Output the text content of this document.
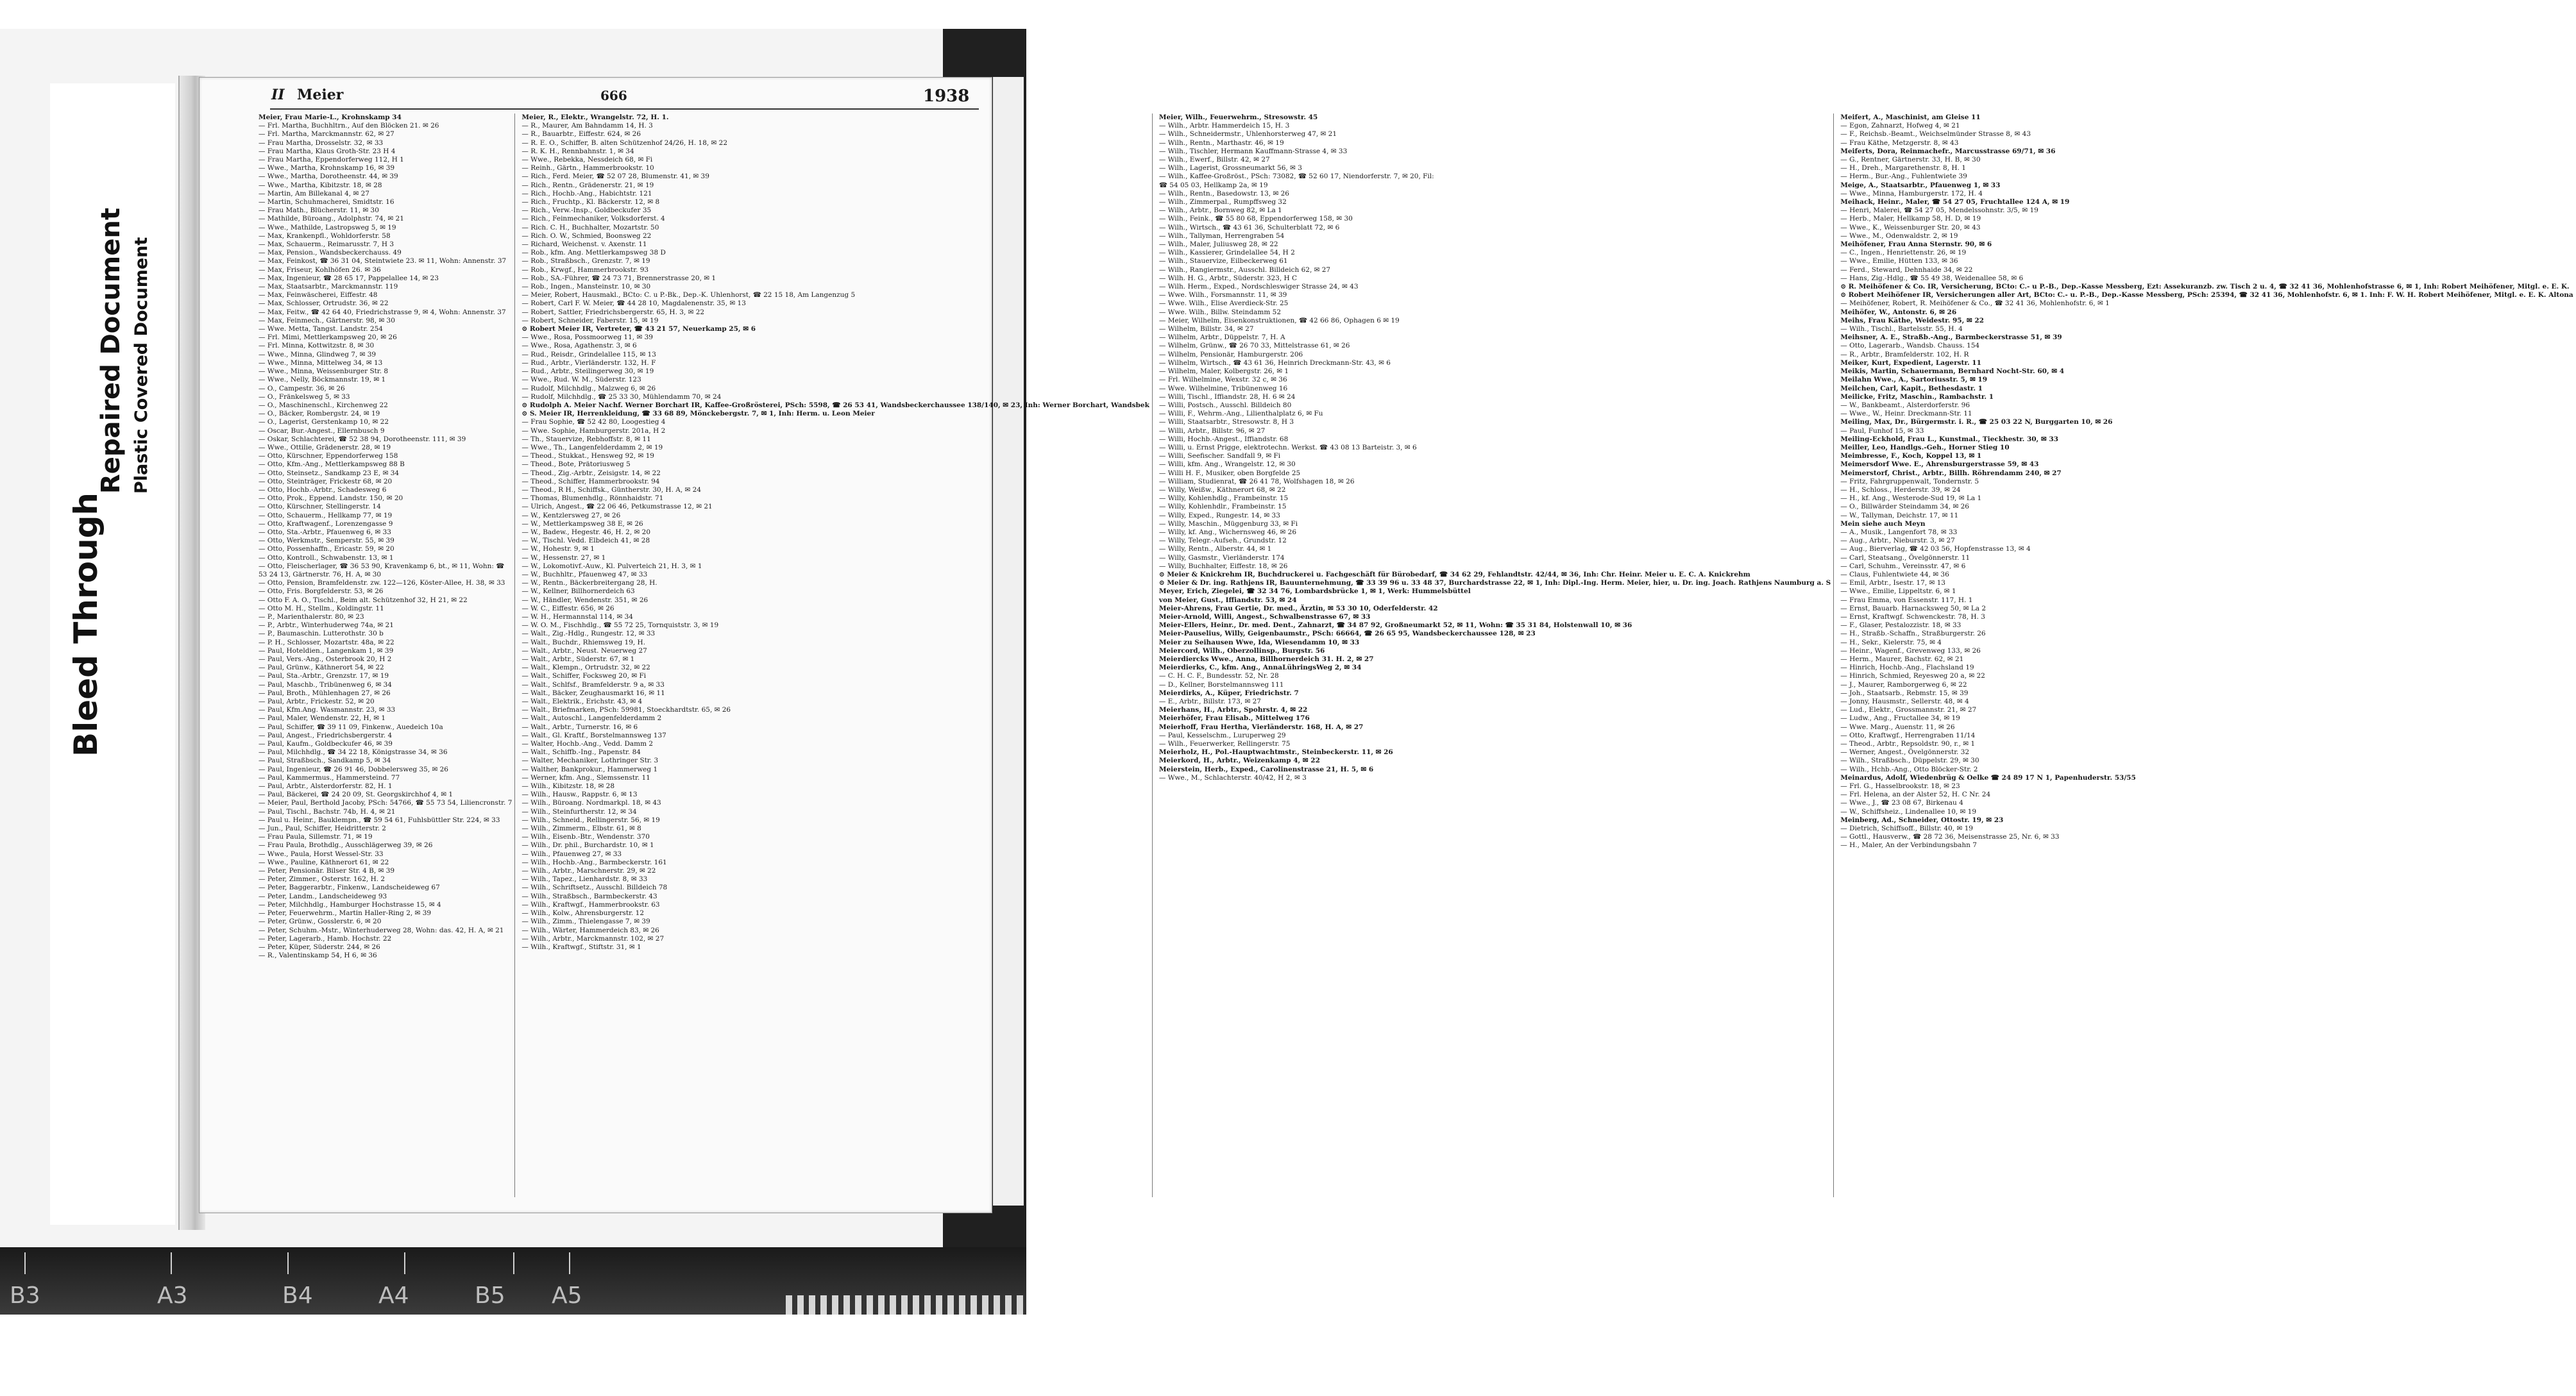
Bleed Through
Repaired Document Plastic Covered Document
II Meier	666	1938
Meier, Frau Marie-L., Krohnskamp 34
— Frl. Martha, Buchhltrn., Auf den Blöcken 21. ✉ 26
— Frl. Martha, Marckmannstr. 62, ✉ 27
— Frau Martha, Drosselstr. 32, ✉ 33
— Frau Martha, Klaus Groth-Str. 23 H 4
— Frau Martha, Eppendorferweg 112, H 1
— Wwe., Martha, Krohnskamp 16, ✉ 39
— Wwe., Martha, Dorotheenstr. 44, ✉ 39
— Wwe., Martha, Kibitzstr. 18, ✉ 28
— Martin, Am Billekanal 4, ✉ 27
— Martin, Schuhmacherei, Smidtstr. 16
— Frau Math., Blücherstr. 11, ✉ 30
— Mathilde, Büroang., Adolphstr. 74, ✉ 21
— Wwe., Mathilde, Lastropsweg 5, ✉ 19
— Max, Krankenpfl., Wohldorferstr. 58
— Max, Schauerm., Reimarusstr. 7, H 3
— Max, Pension., Wandsbeckerchauss. 49
— Max, Feinkost, ☎ 36 31 04, Steintwiete 23. ✉ 11, Wohn: Annenstr. 37
— Max, Friseur, Kohlhöfen 26. ✉ 36
— Max, Ingenieur, ☎ 28 65 17, Pappelallee 14, ✉ 23
— Max, Staatsarbtr., Marckmannstr. 119
— Max, Feinwäscherei, Eiffestr. 48
— Max, Schlosser, Ortrudstr. 36, ✉ 22
— Max, Feitw., ☎ 42 64 40, Friedrichstrasse 9, ✉ 4, Wohn: Annenstr. 37
— Max, Feinmech., Gärtnerstr. 98, ✉ 30
— Wwe. Metta, Tangst. Landstr. 254
— Frl. Mimi, Mettlerkampsweg 20, ✉ 26
— Frl. Minna, Kottwitzstr. 8, ✉ 30
— Wwe., Minna, Glindweg 7, ✉ 39
— Wwe., Minna, Mittelweg 34, ✉ 13
— Wwe., Minna, Weissenburger Str. 8
— Wwe., Nelly, Böckmannstr. 19, ✉ 1
— O., Campestr. 36, ✉ 26
— O., Fränkelsweg 5, ✉ 33
— O., Maschinenschl., Kirchenweg 22
— O., Bäcker, Rombergstr. 24, ✉ 19
— O., Lagerist, Gerstenkamp 10, ✉ 22
— Oscar, Bur.-Angest., Ellernbusch 9
— Oskar, Schlachterei, ☎ 52 38 94, Dorotheenstr. 111, ✉ 39
— Wwe., Ottilie, Grädenerstr. 28, ✉ 19
— Otto, Kürschner, Eppendorferweg 158
— Otto, Kfm.-Ang., Mettlerkampsweg 88 B
— Otto, Steinsetz., Sandkamp 23 E, ✉ 34
— Otto, Steinträger, Frickestr 68, ✉ 20
— Otto, Hochb.-Arbtr., Schadesweg 6
— Otto, Prok., Eppend. Landstr. 150, ✉ 20
— Otto, Kürschner, Stellingerstr. 14
— Otto, Schauerm., Hellkamp 77, ✉ 19
— Otto, Kraftwagenf., Lorenzengasse 9
— Otto, Sta.-Arbtr., Pfauenweg 6, ✉ 33
— Otto, Werkmstr., Semperstr. 55, ✉ 39
— Otto, Possenhaffn., Ericastr. 59, ✉ 20
— Otto, Kontroll., Schwabenstr. 13, ✉ 1
— Otto, Fleischerlager, ☎ 36 53 90, Kravenkamp 6, bt., ✉ 11, Wohn: ☎
53 24 13, Gärtnerstr. 76, H. A, ✉ 30
— Otto, Pension, Bramfeldenstr. zw. 122—126, Köster-Allee, H. 38, ✉ 33
— Otto, Fris. Borgfelderstr. 53, ✉ 26
— Otto F. A. O., Tischl., Beim alt. Schützenhof 32, H 21, ✉ 22
— Otto M. H., Stellm., Koldingstr. 11
— P., Marienthalerstr. 80, ✉ 23
— P., Arbtr., Winterhuderweg 74a, ✉ 21
— P., Baumaschin. Lutterothstr. 30 b
— P. H., Schlosser, Mozartstr. 48a, ✉ 22
— Paul, Hoteldien., Langenkam 1, ✉ 39
— Paul, Vers.-Ang., Osterbrook 20, H 2
— Paul, Grünw., Käthnerort 54, ✉ 22
— Paul, Sta.-Arbtr., Grenzstr. 17, ✉ 19
— Paul, Maschb., Tribünenweg 6, ✉ 34
— Paul, Broth., Mühlenhagen 27, ✉ 26
— Paul, Arbtr., Frickestr. 52, ✉ 20
— Paul, Kfm.Ang. Wasmannstr. 23, ✉ 33
— Paul, Maler, Wendenstr. 22, H, ✉ 1
— Paul, Schiffer, ☎ 39 11 09, Finkenw., Auedeich 10a
— Paul, Angest., Friedrichsbergerstr. 4
— Paul, Kaufm., Goldbeckufer 46, ✉ 39
— Paul, Milchhdlg., ☎ 34 22 18, Königstrasse 34, ✉ 36
— Paul, Straßbsch., Sandkamp 5, ✉ 34
— Paul, Ingenieur, ☎ 26 91 46, Dobbelersweg 35, ✉ 26
— Paul, Kammermus., Hammersteind. 77
— Paul, Arbtr., Alsterdorferstr. 82, H. 1
— Paul, Bäckerei, ☎ 24 20 09, St. Georgskirchhof 4, ✉ 1
— Meier, Paul, Berthold Jacoby, PSch: 54766, ☎ 55 73 54, Liliencronstr. 7
— Paul, Tischl., Bachstr. 74b, H. 4, ✉ 21
— Paul u. Heinr., Bauklempn., ☎ 59 54 61, Fuhlsbüttler Str. 224, ✉ 33
— Jun., Paul, Schiffer, Heidritterstr. 2
— Frau Paula, Sillemstr. 71, ✉ 19
— Frau Paula, Brothdlg., Ausschlägerweg 39, ✉ 26
— Wwe., Paula, Horst Wessel-Str. 33
— Wwe., Pauline, Käthnerort 61, ✉ 22
— Peter, Pensionär. Bilser Str. 4 B, ✉ 39
— Peter, Zimmer., Osterstr. 162, H. 2
— Peter, Baggerarbtr., Finkenw., Landscheideweg 67
— Peter, Landm., Landscheideweg 93
— Peter, Milchhdlg., Hamburger Hochstrasse 15, ✉ 4
— Peter, Feuerwehrm., Martin Haller-Ring 2, ✉ 39
— Peter, Grünw., Gosslerstr. 6, ✉ 20
— Peter, Schuhm.-Mstr., Winterhuderweg 28, Wohn: das. 42, H. A, ✉ 21
— Peter, Lagerarb., Hamb. Hochstr. 22
— Peter, Küper, Süderstr. 244, ✉ 26
— R., Valentinskamp 54, H 6, ✉ 36
Meier, R., Elektr., Wrangelstr. 72, H. 1.
— R., Maurer, Am Bahndamm 14, H. 3
— R., Bauarbtr., Eiffestr. 624, ✉ 26
— R. E. O., Schiffer, B. alten Schützenhof 24/26, H. 18, ✉ 22
— R. K. H., Rennbahnstr. 1, ✉ 34
— Wwe., Rebekka, Nessdeich 68, ✉ Fi
— Reinh., Gärtn., Hammerbrookstr. 10
— Rich., Ferd. Meier, ☎ 52 07 28, Blumenstr. 41, ✉ 39
— Rich., Rentn., Grädenerstr. 21, ✉ 19
— Rich., Hochb.-Ang., Habichtstr. 121
— Rich., Fruchtp., Kl. Bäckerstr. 12, ✉ 8
— Rich., Verw.-Insp., Goldbeckufer 35
— Rich., Feinmechaniker, Volksdorferst. 4
— Rich. C. H., Buchhalter, Mozartstr. 50
— Rich. O. W., Schmied, Boonsweg 22
— Richard, Weichenst. v. Axenstr. 11
— Rob., kfm. Ang. Mettlerkampsweg 38 D
— Rob., Straßbsch., Grenzstr. 7, ✉ 19
— Rob., Krwgf., Hammerbrookstr. 93
— Rob., SA.-Führer, ☎ 24 73 71, Brennerstrasse 20, ✉ 1
— Rob., Ingen., Mansteinstr. 10, ✉ 30
— Meier, Robert, Hausmakl., BCto: C. u P.-Bk., Dep.-K. Uhlenhorst, ☎ 22 15 18, Am Langenzug 5
— Robert, Carl F. W. Meier, ☎ 44 28 10, Magdalenenstr. 35, ✉ 13
— Robert, Sattler, Friedrichsbergerstr. 65, H. 3, ✉ 22
— Robert, Schneider, Faberstr. 15, ✉ 19
⊙ Robert Meier IR, Vertreter, ☎ 43 21 57, Neuerkamp 25, ✉ 6
— Wwe., Rosa, Possmoorweg 11, ✉ 39
— Wwe., Rosa, Agathenstr. 3, ✉ 6
— Rud., Reisdr., Grindelallee 115, ✉ 13
— Rud., Arbtr., Vierländerstr. 132, H. F
— Rud., Arbtr., Steilingerweg 30, ✉ 19
— Wwe., Rud. W. M., Süderstr. 123
— Rudolf, Milchhdlg., Malzweg 6, ✉ 26
— Rudolf, Milchhdlg., ☎ 25 33 30, Mühlendamm 70, ✉ 24
⊙ Rudolph A. Meier Nachf. Werner Borchart IR, Kaffee-Großrösterei, PSch: 5598, ☎ 26 53 41, Wandsbeckerchaussee 138/140, ✉ 23, Inh: Werner Borchart, Wandsbek
⊙ S. Meier IR, Herrenkleidung, ☎ 33 68 89, Mönckebergstr. 7, ✉ 1, Inh: Herm. u. Leon Meier
— Frau Sophie, ☎ 52 42 80, Loogestieg 4
— Wwe. Sophie, Hamburgerstr. 201a, H 2
— Th., Stauervize, Rebhoffstr. 8, ✉ 11
— Wwe., Th., Langenfelderdamm 2, ✉ 19
— Theod., Stukkat., Hensweg 92, ✉ 19
— Theod., Bote, Prätoriusweg 5
— Theod., Zig.-Arbtr., Zeisigstr. 14, ✉ 22
— Theod., Schiffer, Hammerbrookstr. 94
— Theod., R H., Schiffsk., Güntherstr. 30, H. A, ✉ 24
— Thomas, Blumenhdlg., Rönnhaidstr. 71
— Ulrich, Angest., ☎ 22 06 46, Petkumstrasse 12, ✉ 21
— W., Kentzlersweg 27, ✉ 26
— W., Mettlerkampsweg 38 E, ✉ 26
— W., Badew., Hegestr. 46, H. 2, ✉ 20
— W., Tischl. Vedd. Elbdeich 41, ✉ 28
— W., Hohestr. 9, ✉ 1
— W., Hessenstr. 27, ✉ 1
— W., Lokomotivf.-Auw., Kl. Pulverteich 21, H. 3, ✉ 1
— W., Buchhltr., Pfauenweg 47, ✉ 33
— W., Rentn., Bäckerbreitergang 28, H.
— W., Kellner, Billhornerdeich 63
— W., Händler, Wendenstr. 351, ✉ 26
— W. C., Eiffestr. 656, ✉ 26
— W. H., Hermannstal 114, ✉ 34
— W. O. M., Fischhdlg., ☎ 55 72 25, Tornquiststr. 3, ✉ 19
— Walt., Zig.-Hdlg., Rungestr. 12, ✉ 33
— Walt., Buchdr., Rhiemsweg 19, H.
— Walt., Arbtr., Neust. Neuerweg 27
— Walt., Arbtr., Süderstr. 67, ✉ 1
— Walt., Klempn., Ortrudstr. 32, ✉ 22
— Walt., Schiffer, Focksweg 20, ✉ Fi
— Walt., Schlfsf., Bramfelderstr. 9 a, ✉ 33
— Walt., Bäcker, Zeughausmarkt 16, ✉ 11
— Walt., Elektrik., Erichstr. 43, ✉ 4
— Walt., Briefmarken, PSch: 59981, Stoeckhardtstr. 65, ✉ 26
— Walt., Autoschl., Langenfelderdamm 2
— Walt., Arbtr., Turnerstr. 16, ✉ 6
— Walt., Gl. Kraftf., Borstelmannsweg 137
— Walter, Hochb.-Ang., Vedd. Damm 2
— Walt., Schiffb.-Ing., Papenstr. 84
— Walter, Mechaniker, Lothringer Str. 3
— Walther, Bankprokur., Hammerweg 1
— Werner, kfm. Ang., Slemssenstr. 11
— Wilh., Kibitzstr. 18, ✉ 28
— Wilh., Hausw., Rappstr. 6, ✉ 13
— Wilh., Büroang. Nordmarkpl. 18, ✉ 43
— Wilh., Steinfurtherstr. 12, ✉ 34
— Wilh., Schneid., Rellingerstr. 56, ✉ 19
— Wilh., Zimmerm., Elbstr. 61, ✉ 8
— Wilh., Eisenb.-Btr., Wendenstr. 370
— Wilh., Dr. phil., Burchardstr. 10, ✉ 1
— Wilh., Pfauenweg 27, ✉ 33
— Wilh., Hochb.-Ang., Barmbeckerstr. 161
— Wilh., Arbtr., Marschnerstr. 29, ✉ 22
— Wilh., Tapez., Lienhardstr. 8, ✉ 33
— Wilh., Schriftsetz., Ausschl. Billdeich 78
— Wilh., Straßbsch., Barmbeckerstr. 43
— Wilh., Kraftwgf., Hammerbrookstr. 63
— Wilh., Kolw., Ahrensburgerstr. 12
— Wilh., Zimm., Thielengasse 7, ✉ 39
— Wilh., Wärter, Hammerdeich 83, ✉ 26
— Wilh., Arbtr., Marckmannstr. 102, ✉ 27
— Wilh., Kraftwgf., Stiftstr. 31, ✉ 1
Meier, Wilh., Feuerwehrm., Stresowstr. 45
— Wilh., Arbtr. Hammerdeich 15, H. 3
— Wilh., Schneidermstr., Uhlenhorsterweg 47, ✉ 21
— Wilh., Rentn., Marthastr. 46, ✉ 19
— Wilh., Tischler, Hermann Kauffmann-Strasse 4, ✉ 33
— Wilh., Ewerf., Billstr. 42, ✉ 27
— Wilh., Lagerist, Grossneumarkt 56, ✉ 3
— Wilh., Kaffee-Großröst., PSch: 73082, ☎ 52 60 17, Niendorferstr. 7, ✉ 20, Fil:
☎ 54 05 03, Hellkamp 2a, ✉ 19
— Wilh., Rentn., Basedowstr. 13, ✉ 26
— Wilh., Zimmerpal., Rumpffsweg 32
— Wilh., Arbtr., Bornweg 82, ✉ La 1
— Wilh., Feink., ☎ 55 80 68, Eppendorferweg 158, ✉ 30
— Wilh., Wirtsch., ☎ 43 61 36, Schulterblatt 72, ✉ 6
— Wilh., Tallyman, Herrengraben 54
— Wilh., Maler, Juliusweg 28, ✉ 22
— Wilh., Kassierer, Grindelallee 54, H 2
— Wilh., Stauervize, Eilbeckerweg 61
— Wilh., Rangiermstr., Ausschl. Billdeich 62, ✉ 27
— Wilh. H. G., Arbtr., Süderstr. 323, H C
— Wilh. Herm., Exped., Nordschleswiger Strasse 24, ✉ 43
— Wwe. Wilh., Forsmannstr. 11, ✉ 39
— Wwe. Wilh., Elise Averdieck-Str. 25
— Wwe. Wilh., Billw. Steindamm 52
— Meier, Wilhelm, Eisenkonstruktionen, ☎ 42 66 86, Ophagen 6 ✉ 19
— Wilhelm, Billstr. 34, ✉ 27
— Wilhelm, Arbtr., Düppelstr. 7, H. A
— Wilhelm, Grünw., ☎ 26 70 33, Mittelstrasse 61, ✉ 26
— Wilhelm, Pensionär, Hamburgerstr. 206
— Wilhelm, Wirtsch., ☎ 43 61 36, Heinrich Dreckmann-Str. 43, ✉ 6
— Wilhelm, Maler, Kolbergstr. 26, ✉ 1
— Frl. Wilhelmine, Wexstr. 32 c, ✉ 36
— Wwe. Wilhelmine, Tribünenweg 16
— Willi, Tischl., Iffiandstr. 28, H. 6 ✉ 24
— Willi, Postsch., Ausschl. Billdeich 80
— Willi, F., Wehrm.-Ang., Lilienthalplatz 6, ✉ Fu
— Willi, Staatsarbtr., Stresowstr. 8, H 3
— Willi, Arbtr., Billstr. 96, ✉ 27
— Willi, Hochb.-Angest., Iffiandstr. 68
— Willi, u. Ernst Prigge, elektrotechn. Werkst. ☎ 43 08 13 Barteistr. 3, ✉ 6
— Willi, Seefischer. Sandfall 9, ✉ Fi
— Willi, kfm. Ang., Wrangelstr. 12, ✉ 30
— Willi H. F., Musiker, oben Borgfelde 25
— William, Studienrat, ☎ 26 41 78, Wolfshagen 18, ✉ 26
— Willy, Weißw., Käthnerort 68, ✉ 22
— Willy, Kohlenhdlg., Frambeinstr. 15
— Willy, Kohlenhdlr., Frambeinstr. 15
— Willy, Exped., Rungestr. 14, ✉ 33
— Willy, Maschin., Müggenburg 33, ✉ Fi
— Willy, kf. Ang., Wichernsweg 46, ✉ 26
— Willy, Telegr.-Aufseh., Grundstr. 12
— Willy, Rentn., Alberstr. 44, ✉ 1
— Willy, Gasmstr., Vierländerstr. 174
— Willy, Buchhalter, Eiffestr. 18, ✉ 26
⊙ Meier & Knickrehm IR, Buchdruckerei u. Fachgeschäft für Bürobedarf, ☎ 34 62 29, Fehlandtstr. 42/44, ✉ 36, Inh: Chr. Heinr. Meier u. E. C. A. Knickrehm
⊙ Meier & Dr. ing. Rathjens IR, Bauunternehmung, ☎ 33 39 96 u. 33 48 37, Burchardstrasse 22, ✉ 1, Inh: Dipl.-Ing. Herm. Meier, hier, u. Dr. ing. Joach. Rathjens Naumburg a. S
Meyer, Erich, Ziegelei, ☎ 32 34 76, Lombardsbrücke 1, ✉ 1, Werk: Hummelsbüttel
von Meier, Gust., Iffiandstr. 53, ✉ 24
Meier-Ahrens, Frau Gertie, Dr. med., Ärztin, ✉ 53 30 10, Oderfelderstr. 42
Meier-Arnold, Willi, Angest., Schwalbenstrasse 67, ✉ 33
Meier-Ellers, Heinr., Dr. med. Dent., Zahnarzt, ☎ 34 87 92, Großneumarkt 52, ✉ 11, Wohn: ☎ 35 31 84, Holstenwall 10, ✉ 36
Meier-Pauselius, Willy, Geigenbaumstr., PSch: 66664, ☎ 26 65 95, Wandsbeckerchaussee 128, ✉ 23
Meier zu Seihausen Wwe, Ida, Wiesendamm 10, ✉ 33
Meiercord, Wilh., Oberzollinsp., Burgstr. 56
Meierdiercks Wwe., Anna, Billhornerdeich 31. H. 2, ✉ 27
Meierdierks, C., kfm. Ang., AnnaLühringsWeg 2, ✉ 34
— C. H. C. F., Bundesstr. 52, Nr. 28
— D., Kellner, Borstelmannsweg 111
Meierdirks, A., Küper, Friedrichstr. 7
— E., Arbtr., Billstr. 173, ✉ 27
Meierhans, H., Arbtr., Spohrstr. 4, ✉ 22
Meierhöfer, Frau Elisab., Mittelweg 176
Meierhoff, Frau Hertha, Vierländerstr. 168, H. A, ✉ 27
— Paul, Kesselschm., Luruperweg 29
— Wilh., Feuerwerker, Rellingerstr. 75
Meierholz, H., Pol.-Hauptwachtmstr., Steinbeckerstr. 11, ✉ 26
Meierkord, H., Arbtr., Weizenkamp 4, ✉ 22
Meierstein, Herb., Exped., Carolinenstrasse 21, H. 5, ✉ 6
— Wwe., M., Schlachterstr. 40/42, H 2, ✉ 3
Meifert, A., Maschinist, am Gleise 11
— Egon, Zahnarzt, Hofweg 4, ✉ 21
— F., Reichsb.-Beamt., Weichselmünder Strasse 8, ✉ 43
— Frau Käthe, Metzgerstr. 8, ✉ 43
Meiferts, Dora, Reinmachefr., Marcusstrasse 69/71, ✉ 36
— G., Rentner, Gärtnerstr. 33, H. B, ✉ 30
— H., Dreh., Margarethenstr. 8, H. 1
— Herm., Bur.-Ang., Fuhlentwiete 39
Meige, A., Staatsarbtr., Pfauenweg 1, ✉ 33
— Wwe., Minna, Hamburgerstr. 172, H. 4
Meihack, Heinr., Maler, ☎ 54 27 05, Fruchtallee 124 A, ✉ 19
— Henri, Malerei, ☎ 54 27 05, Mendelssohnstr. 3/5, ✉ 19
— Herb., Maler, Hellkamp 58, H. D, ✉ 19
— Wwe., K., Weissenburger Str. 20, ✉ 43
— Wwe., M., Odenwaldstr. 2, ✉ 19
Meihöfener, Frau Anna Sternstr. 90, ✉ 6
— C., Ingen., Henriettenstr. 26, ✉ 19
— Wwe., Emilie, Hütten 133, ✉ 36
— Ferd., Steward, Dehnhaide 34, ✉ 22
— Hans, Zig.-Hdlg., ☎ 55 49 38, Weidenallee 58, ✉ 6
⊙ R. Meihöfener & Co. IR, Versicherung, BCto: C.- u P.-B., Dep.-Kasse Messberg, Ezt: Assekuranzb. zw. Tisch 2 u. 4, ☎ 32 41 36, Mohlenhofstrasse 6, ✉ 1, Inh: Robert Meihöfener, Mitgl. e. E. K.
⊙ Robert Meihöfener IR, Versicherungen aller Art, BCto: C.- u. P.-B., Dep.-Kasse Messberg, PSch: 25394, ☎ 32 41 36, Mohlenhofstr. 6, ✉ 1. Inh: F. W. H. Robert Meihöfener, Mitgl. e. E. K. Altona
— Meihöfener, Robert, R. Meihöfener & Co., ☎ 32 41 36, Mohlenhofstr. 6, ✉ 1
Meihöfer, W., Antonstr. 6, ✉ 26
Meihs, Frau Käthe, Weidestr. 95, ✉ 22
— Wilh., Tischl., Bartelsstr. 55, H. 4
Meihsner, A. E., Straßb.-Ang., Barmbeckerstrasse 51, ✉ 39
— Otto, Lagerarb., Wandsb. Chauss. 154
— R., Arbtr., Bramfelderstr. 102, H. R
Meiker, Kurt, Expedient, Lagerstr. 11
Meikis, Martin, Schauermann, Bernhard Nocht-Str. 60, ✉ 4
Meilahn Wwe., A., Sartoriusstr. 5, ✉ 19
Meilchen, Carl, Kapit., Bethesdastr. 1
Meilicke, Fritz, Maschin., Rambachstr. 1
— W., Bankbeamt., Alsterdorferstr. 96
— Wwe., W., Heinr. Dreckmann-Str. 11
Meiling, Max, Dr., Bürgermstr. i. R., ☎ 25 03 22 N, Burggarten 10, ✉ 26
— Paul, Funhof 15, ✉ 33
Meiling-Eckhold, Frau L., Kunstmal., Tieckhestr. 30, ✉ 33
Meiller, Leo, Handlgs.-Geh., Horner Stieg 10
Meimbresse, F., Koch, Koppel 13, ✉ 1
Meimersdorf Wwe. E., Ahrensburgerstrasse 59, ✉ 43
Meimerstorf, Christ., Arbtr., Billh. Röhrendamm 240, ✉ 27
— Fritz, Fahrgruppenwalt, Tondernstr. 5
— H., Schloss., Herderstr. 39, ✉ 24
— H., kf. Ang., Westerode-Sud 19, ✉ La 1
— O., Billwärder Steindamm 34, ✉ 26
— W., Tallyman, Deichstr. 17, ✉ 11
Mein siehe auch Meyn
— A., Musik., Langenfort 78, ✉ 33
— Aug., Arbtr., Nieburstr. 3, ✉ 27
— Aug., Bierverlag, ☎ 42 03 56, Hopfenstrasse 13, ✉ 4
— Carl, Steatsang., Övelgönnerstr. 11
— Carl, Schuhm., Vereinsstr. 47, ✉ 6
— Claus, Fuhlentwiete 44, ✉ 36
— Emil, Arbtr., Isestr. 17, ✉ 13
— Wwe., Emilie, Lippeltstr. 6, ✉ 1
— Frau Emma, von Essenstr. 117, H. 1
— Ernst, Bauarb. Harnacksweg 50, ✉ La 2
— Ernst, Kraftwgf. Schwenckestr. 78, H. 3
— F., Glaser, Pestalozzistr. 18, ✉ 33
— H., Straßb.-Schaffn., Straßburgerstr. 26
— H., Sekr., Kielerstr. 75, ✉ 4
— Heinr., Wagenf., Grevenweg 133, ✉ 26
— Herm., Maurer, Bachstr. 62, ✉ 21
— Hinrich, Hochb.-Ang., Flachsland 19
— Hinrich, Schmied, Reyesweg 20 a, ✉ 22
— J., Maurer, Ramborgerweg 6, ✉ 22
— Joh., Staatsarb., Rebmstr. 15, ✉ 39
— Jonny, Hausmstr., Sellerstr. 48, ✉ 4
— Lud., Elektr., Grossmannstr. 21, ✉ 27
— Ludw., Ang., Fructallee 34, ✉ 19
— Wwe. Marg., Auenstr. 11, ✉ 26
— Otto, Kraftwgf., Herrengraben 11/14
— Theod., Arbtr., Repsoldstr. 90, r., ✉ 1
— Werner, Angest., Övelgönnerstr. 32
— Wilh., Straßbsch., Düppelstr. 29, ✉ 30
— Wilh., Hchb.-Ang., Otto Blöcker-Str. 2
Meinardus, Adolf, Wiedenbrüg & Oelke ☎ 24 89 17 N 1, Papenhuderstr. 53/55
— Frl. G., Hasselbrookstr. 18, ✉ 23
— Frl. Helena, an der Alster 52, H. C Nr. 24
— Wwe., J., ☎ 23 08 67, Birkenau 4
— W., Schiffsheiz., Lindenallee 10, ✉ 19
Meinberg, Ad., Schneider, Ottostr. 19, ✉ 23
— Dietrich, Schiffsoff., Billstr. 40, ✉ 19
— Gottl., Hausverw., ☎ 28 72 36, Meisenstrasse 25, Nr. 6, ✉ 33
— H., Maler, An der Verbindungsbahn 7
B3	A3	B4	A4	B5 A5
